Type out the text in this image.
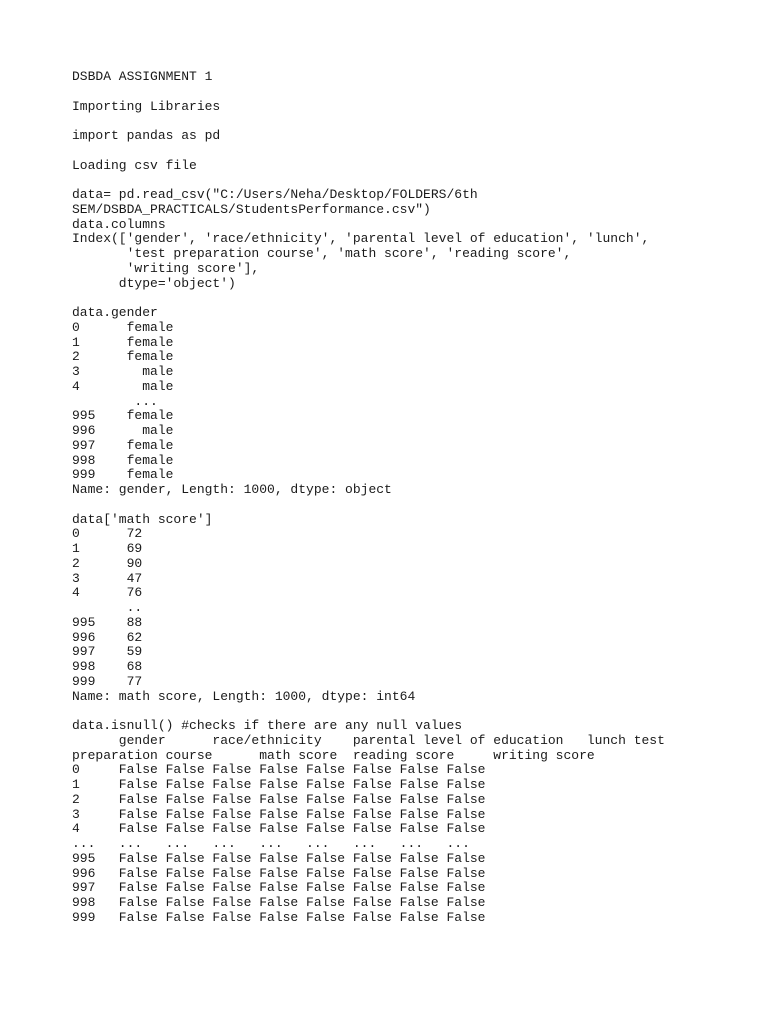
DSBDA ASSIGNMENT 1
Importing Libraries
import pandas as pd
Loading csv file
data= pd.read_csv("C:/Users/Neha/Desktop/FOLDERS/6th
SEM/DSBDA_PRACTICALS/StudentsPerformance.csv")
data.columns
Index(['gender', 'race/ethnicity', 'parental level of education', 'lunch',
'test preparation course', 'math score', 'reading score',
'writing score'],
dtype='object')
data.gender
0      female
1      female
2      female
3        male
4        male
...
995    female
996      male
997    female
998    female
999    female
Name: gender, Length: 1000, dtype: object
data['math score']
0      72
1      69
2      90
3      47
4      76
..
995    88
996    62
997    59
998    68
999    77
Name: math score, Length: 1000, dtype: int64
data.isnull() #checks if there are any null values
gender      race/ethnicity    parental level of education   lunch test
preparation course      math score  reading score     writing score
0     False False False False False False False False
1     False False False False False False False False
2     False False False False False False False False
3     False False False False False False False False
4     False False False False False False False False
...   ...   ...   ...   ...   ...   ...   ...   ...
995   False False False False False False False False
996   False False False False False False False False
997   False False False False False False False False
998   False False False False False False False False
999   False False False False False False False False
